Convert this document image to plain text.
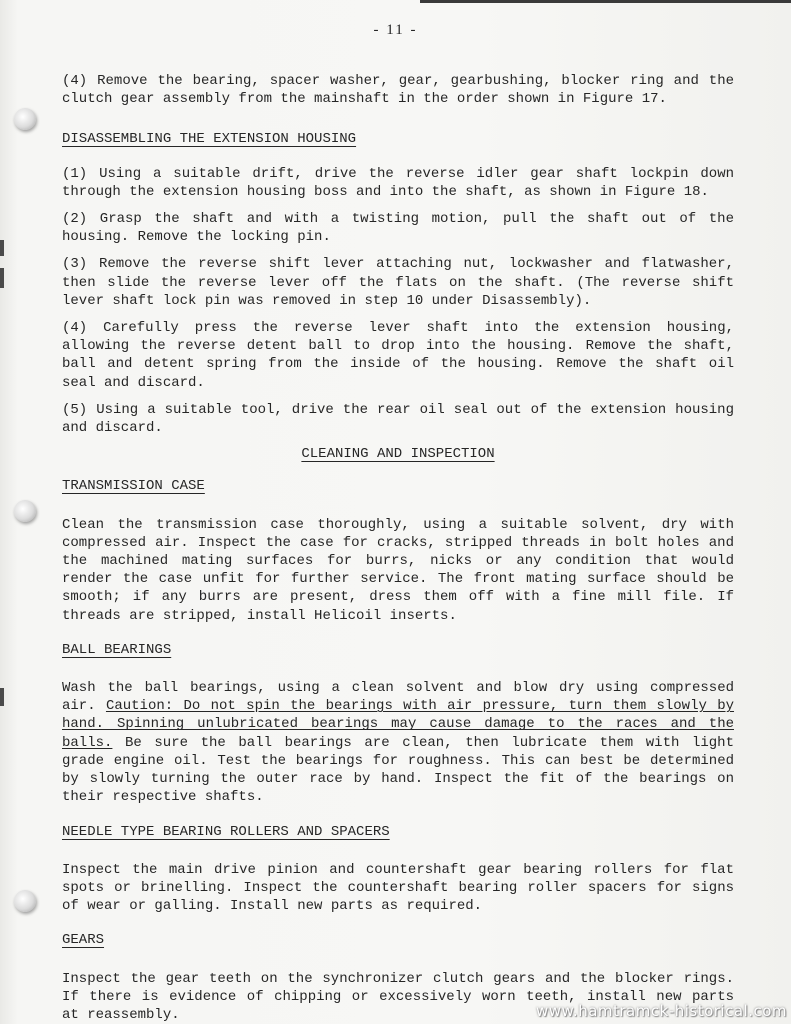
- 11 -

(4) Remove the bearing, spacer washer, gear, gearbushing, blocker ring and the clutch gear assembly from the mainshaft in the order shown in Figure 17.

DISASSEMBLING THE EXTENSION HOUSING

(1) Using a suitable drift, drive the reverse idler gear shaft lockpin down through the extension housing boss and into the shaft, as shown in Figure 18.

(2) Grasp the shaft and with a twisting motion, pull the shaft out of the housing. Remove the locking pin.

(3) Remove the reverse shift lever attaching nut, lockwasher and flatwasher, then slide the reverse lever off the flats on the shaft. (The reverse shift lever shaft lock pin was removed in step 10 under Disassembly).

(4) Carefully press the reverse lever shaft into the extension housing, allowing the reverse detent ball to drop into the housing. Remove the shaft, ball and detent spring from the inside of the housing. Remove the shaft oil seal and discard.

(5) Using a suitable tool, drive the rear oil seal out of the extension housing and discard.

CLEANING AND INSPECTION
TRANSMISSION CASE

Clean the transmission case thoroughly, using a suitable solvent, dry with compressed air. Inspect the case for cracks, stripped threads in bolt holes and the machined mating surfaces for burrs, nicks or any condition that would render the case unfit for further service. The front mating surface should be smooth; if any burrs are present, dress them off with a fine mill file. If threads are stripped, install Helicoil inserts.

BALL BEARINGS

Wash the ball bearings, using a clean solvent and blow dry using compressed air. Caution: Do not spin the bearings with air pressure, turn them slowly by hand. Spinning unlubricated bearings may cause damage to the races and the balls. Be sure the ball bearings are clean, then lubricate them with light grade engine oil. Test the bearings for roughness. This can best be determined by slowly turning the outer race by hand. Inspect the fit of the bearings on their respective shafts.

NEEDLE TYPE BEARING ROLLERS AND SPACERS

Inspect the main drive pinion and countershaft gear bearing rollers for flat spots or brinelling. Inspect the countershaft bearing roller spacers for signs of wear or galling. Install new parts as required.

GEARS

Inspect the gear teeth on the synchronizer clutch gears and the blocker rings. If there is evidence of chipping or excessively worn teeth, install new parts at reassembly.	www.hamtramck-historical.com
